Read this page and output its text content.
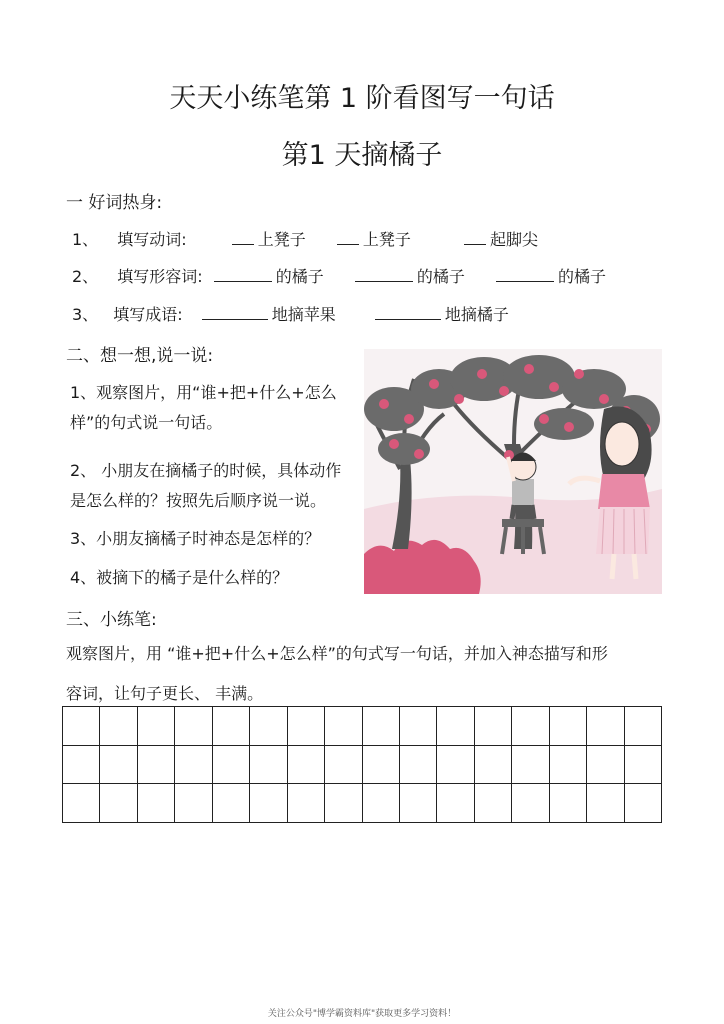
天天小练笔第 1 阶看图写一句话
第1 天摘橘子
一 好词热身:
1、 填写动词:	上凳子	上凳子	起脚尖
2、 填写形容词:	的橘子	的橘子	的橘子
3、 填写成语:	地摘苹果	地摘橘子
二、想一想,说一说:
1、观察图片，用“谁+把+什么+怎么
样”的句式说一句话。
2、 小朋友在摘橘子的时候，具体动作
是怎么样的？按照先后顺序说一说。
3、小朋友摘橘子时神态是怎样的？
4、被摘下的橘子是什么样的？
三、小练笔:
观察图片，用 “谁+把+什么+怎么样”的句式写一句话，并加入神态描写和形
容词，让句子更长、 丰满。

关注公众号"博学霸资料库"获取更多学习资料！
